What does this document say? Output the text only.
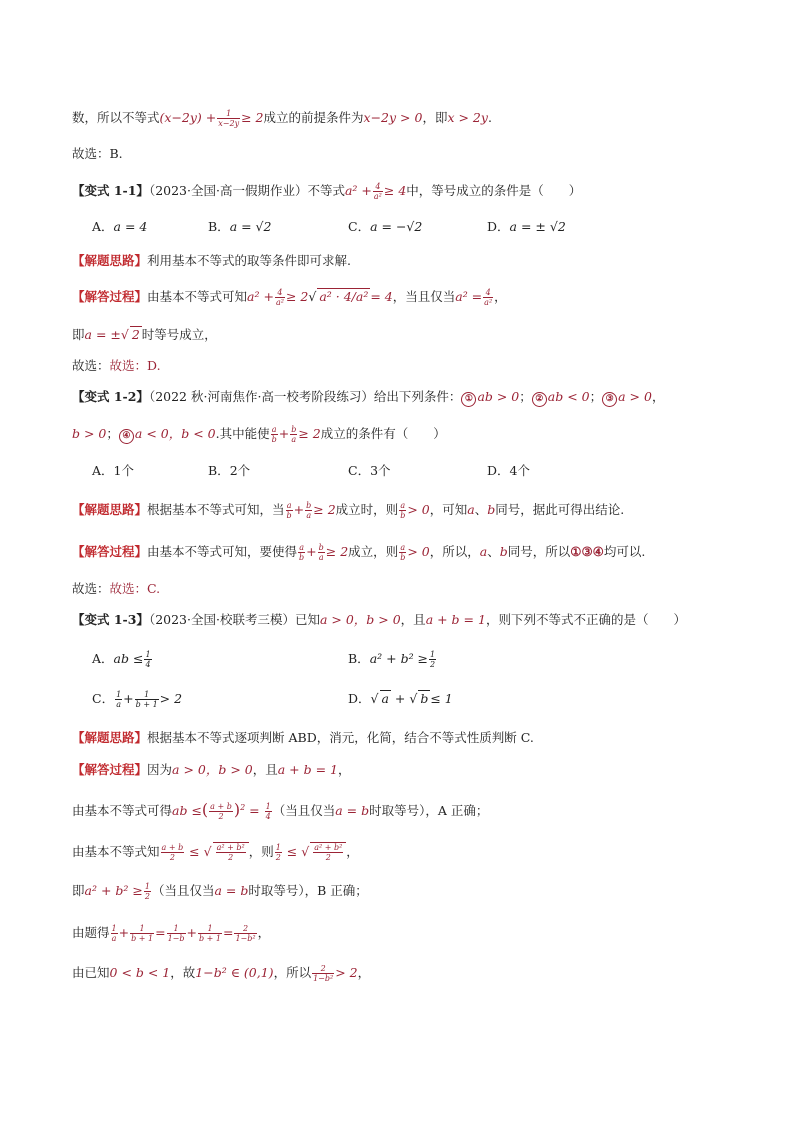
数，所以不等式$(x-2y) + \frac{1}{x-2y} \ge 2$成立的前提条件为x−2y > 0，即x > 2y.
故选：B.
【变式 1-1】（2023·全国·高一假期作业）不等式$a^2 + \frac{4}{\text{a²}} \ge 4$中，等号成立的条件是（　　）
A．a = 4	B．a = √2	C．a = −√2	D．a = ± √2
【解题思路】利用基本不等式的取等条件即可求解.
【解答过程】由基本不等式可知$a^2 + \frac{4}{\text{a²}} \ge 2√$ a² · 4/a² = 4，当且仅当$a^2 = \frac{4}{\text{a²}}$ ，
即a = ±√ 2 时等号成立，
故选：故选：D.
【变式 1-2】（2022 秋·河南焦作·高一校考阶段练习）给出下列条件： ① ab > 0； ② ab < 0； ③ a > 0，
b > 0； ④ a < 0，b < 0.其中能使 $\frac{a}{b} + \frac{b}{a} \ge 2$成立的条件有（　　）
A．1个	B．2个	C．3个	D．4个
【解题思路】根据基本不等式可知，当 $\frac{a}{b} + \frac{b}{a} \ge 2$成立时，则 $\frac{a}{b} > 0$，可知a、b同号，据此可得出结论.
【解答过程】由基本不等式可知，要使得 $\frac{a}{b} + \frac{b}{a} \ge 2$成立，则 $\frac{a}{b} > 0$，所以，a、b同号，所以①③④均可以.
故选：故选：C.
【变式 1-3】（2023·全国·校联考三模）已知a > 0，b > 0，且a + b = 1，则下列不等式不正确的是（　　）
A．ab ≤ $\frac{1}{4}$	B．$a^2 + b^2 \ge \frac{1}{2}$
C． $\frac{1}{a} + \frac{1}{b + 1} > 2$	D．√ a + √ b ≤ 1
【解题思路】根据基本不等式逐项判断 ABD，消元，化简，结合不等式性质判断 C.
【解答过程】因为a > 0，b > 0，且a + b = 1，
由基本不等式可得ab ≤( $\frac{a + b}{2} )^2 = \frac{1}{4}$ （当且仅当a = b时取等号），A 正确；
由基本不等式知 $\frac{a + b}{2}$ ≤ √ $\frac{\text{a² + b²}}{2}$ ，则 $\frac{1}{2}$ ≤ √ $\frac{\text{a² + b²}}{2}$ ，
即$a^2 + b^2 \ge \frac{1}{2}$ （当且仅当a = b时取等号），B 正确；
由题得 $\frac{1}{a} + \frac{1}{b + 1} = \frac{1}{1-b} + \frac{1}{b + 1} = \frac{2}{\text{1−b²}}$ ，
由已知0 < b < 1，故1−b² ∈ (0,1)，所以 $\frac{2}{\text{1−b²}} > 2$，
